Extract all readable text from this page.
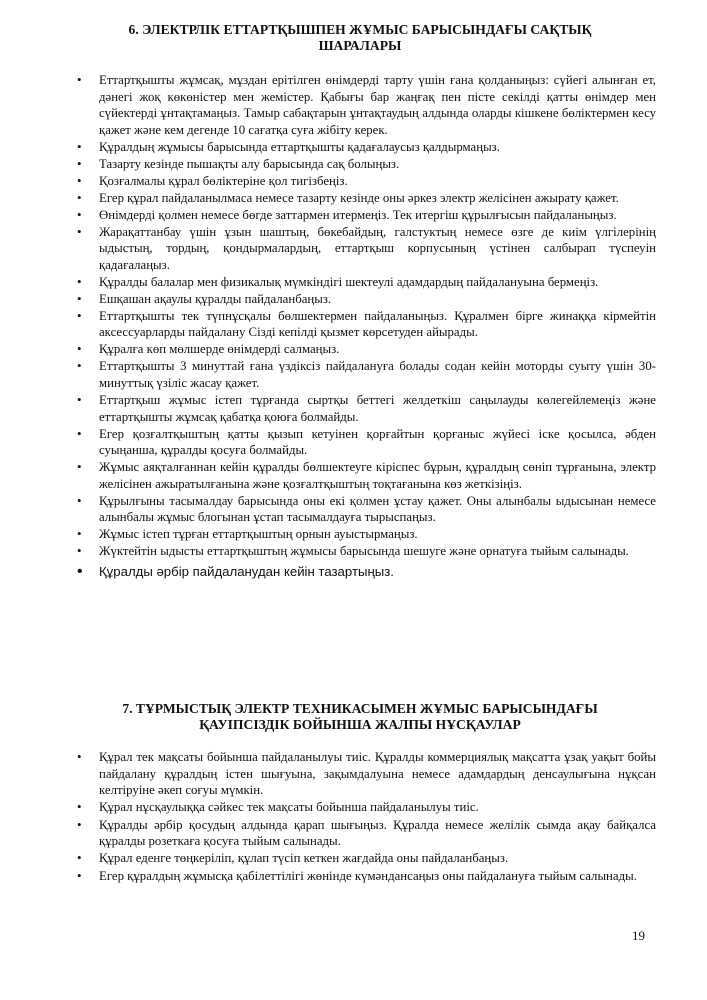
6. ЭЛЕКТРЛІК ЕТТАРТҚЫШПЕН ЖҰМЫС БАРЫСЫНДАҒЫ САҚТЫҚ
ШАРАЛАРЫ
• Еттартқышты жұмсақ, мұздан ерітілген өнімдерді тарту үшін ғана қолданыңыз: сүйегі алынған ет, дәнегі жоқ көкөністер мен жемістер. Қабығы бар жаңғақ пен пісте секілді қатты өнімдер мен сүйектерді ұнтақтамаңыз. Тамыр сабақтарын ұнтақтаудың алдында оларды кішкене бөліктермен кесу қажет және кем дегенде 10 сағатқа суға жібіту керек.
• Құралдың жұмысы барысында еттартқышты қадағалаусыз қалдырмаңыз.
• Тазарту кезінде пышақты алу барысында сақ болыңыз.
• Қозғалмалы құрал бөліктеріне қол тигізбеңіз.
• Егер құрал пайдаланылмаса немесе тазарту кезінде оны әркез электр желісінен ажырату қажет.
• Өнімдерді қолмен немесе бөгде заттармен итермеңіз. Тек итергіш құрылғысын пайдаланыңыз.
• Жарақаттанбау үшін ұзын шаштың, бөкебайдың, галстуктың немесе өзге де киім үлгілерінің ыдыстың, тордың, қондырмалардың, еттартқыш корпусының үстінен салбырап түспеуін қадағалаңыз.
• Құралды балалар мен физикалық мүмкіндігі шектеулі адамдардың пайдалануына бермеңіз.
• Ешқашан ақаулы құралды пайдаланбаңыз.
• Еттартқышты тек түпнұсқалы бөлшектермен пайдаланыңыз. Құралмен бірге жинаққа кірмейтін аксессуарларды пайдалану Сізді кепілді қызмет көрсетуден айырады.
• Құралға көп мөлшерде өнімдерді салмаңыз.
• Еттартқышты 3 минуттай ғана үздіксіз пайдалануға болады содан кейін моторды суыту үшін 30-минуттық үзіліс жасау қажет.
• Еттартқыш жұмыс істеп тұрғанда сыртқы беттегі желдеткіш саңылауды көлегейлемеңіз және еттартқышты жұмсақ қабатқа қоюға болмайды.
• Егер қозғалтқыштың қатты қызып кетуінен қорғайтын қорғаныс жүйесі іске қосылса, әбден суыңанша, құралды қосуға болмайды.
• Жұмыс аяқталғаннан кейін құралды бөлшектеуге кіріспес бұрын, құралдың сөніп тұрғанына, электр желісінен ажыратылғанына және қозғалтқыштың тоқтағанына көз жеткізіңіз.
• Құрылғыны тасымалдау барысында оны екі қолмен ұстау қажет. Оны алынбалы ыдысынан немесе алынбалы жұмыс блогынан ұстап тасымалдауға тырыспаңыз.
• Жұмыс істеп тұрған еттартқыштың орнын ауыстырмаңыз.
• Жүктейтін ыдысты еттартқыштың жұмысы барысында шешуге және орнатуға тыйым салынады.
• Құралды әрбір пайдаланудан кейін тазартыңыз.
7. ТҰРМЫСТЫҚ ЭЛЕКТР ТЕХНИКАСЫМЕН ЖҰМЫС БАРЫСЫНДАҒЫ
ҚАУІПСІЗДІК БОЙЫНША ЖАЛПЫ НҰСҚАУЛАР
• Құрал тек мақсаты бойынша пайдаланылуы тиіс. Құралды коммерциялық мақсатта ұзақ уақыт бойы пайдалану құралдың істен шығуына, зақымдалуына немесе адамдардың денсаулығына нұқсан келтіруіне әкеп соғуы мүмкін.
• Құрал нұсқаулыққа сәйкес тек мақсаты бойынша пайдаланылуы тиіс.
• Құралды әрбір қосудың алдында қарап шығыңыз. Құралда немесе желілік сымда ақау байқалса құралды розеткаға қосуға тыйым салынады.
• Құрал еденге төңкеріліп, құлап түсіп кеткен жағдайда оны пайдаланбаңыз.
• Егер құралдың жұмысқа қабілеттілігі жөнінде күмәндансаңыз оны пайдалануға тыйым салынады.
19
